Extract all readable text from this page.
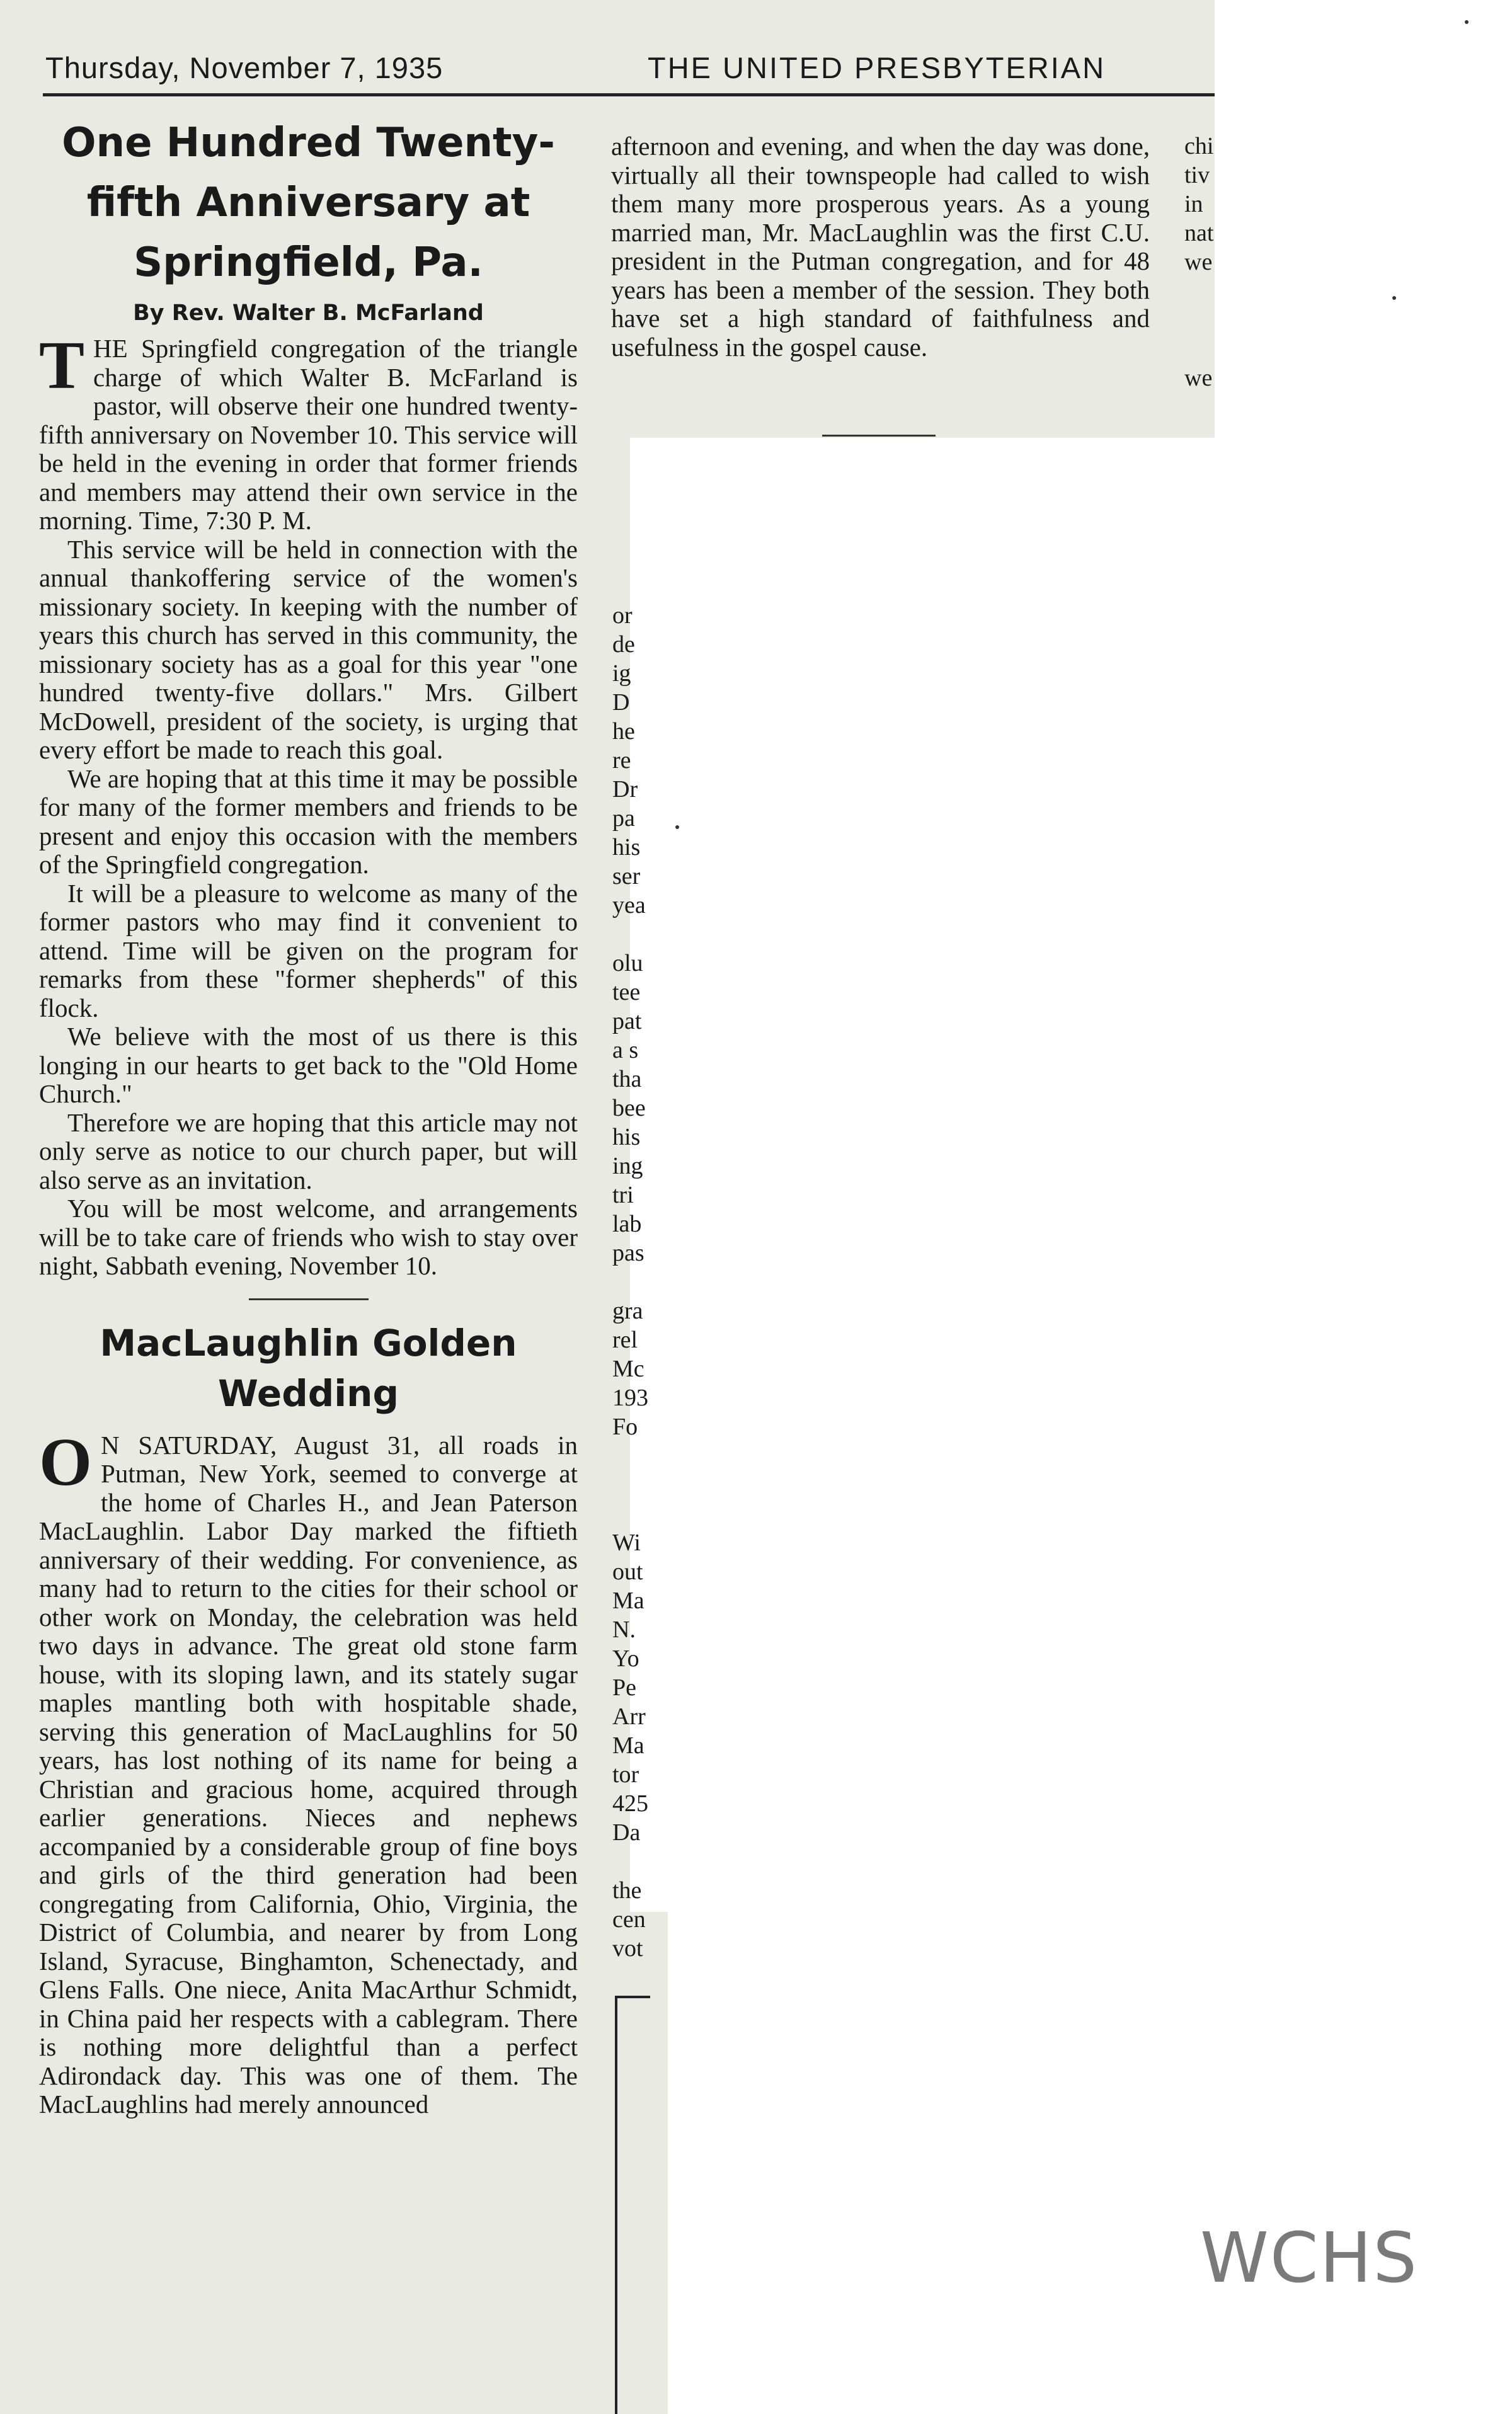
Thursday, November 7, 1935	THE UNITED PRESBYTERIAN
One Hundred Twenty-fifth Anniversary at Springfield, Pa.
By Rev. Walter B. McFarland

THE Springfield congregation of the triangle charge of which Walter B. McFarland is pastor, will observe their one hundred twenty-fifth anniversary on November 10. This service will be held in the evening in order that former friends and members may attend their own service in the morning. Time, 7:30 P. M.

This service will be held in connection with the annual thankoffering service of the women's missionary society. In keeping with the number of years this church has served in this community, the missionary society has as a goal for this year "one hundred twenty-five dollars." Mrs. Gilbert McDowell, president of the society, is urging that every effort be made to reach this goal.

We are hoping that at this time it may be possible for many of the former members and friends to be present and enjoy this occasion with the members of the Springfield congregation.

It will be a pleasure to welcome as many of the former pastors who may find it convenient to attend. Time will be given on the program for remarks from these "former shepherds" of this flock.

We believe with the most of us there is this longing in our hearts to get back to the "Old Home Church."

Therefore we are hoping that this article may not only serve as notice to our church paper, but will also serve as an invitation.

You will be most welcome, and arrangements will be to take care of friends who wish to stay over night, Sabbath evening, November 10.

MacLaughlin Golden Wedding

O N SATURDAY, August 31, all roads in Putman, New York, seemed to converge at the home of Charles H., and Jean Paterson MacLaughlin. Labor Day marked the fiftieth anniversary of their wedding. For convenience, as many had to return to the cities for their school or other work on Monday, the celebration was held two days in advance. The great old stone farm house, with its sloping lawn, and its stately sugar maples mantling both with hospitable shade, serving this generation of MacLaughlins for 50 years, has lost nothing of its name for being a Christian and gracious home, acquired through earlier generations. Nieces and nephews accompanied by a considerable group of fine boys and girls of the third generation had been congregating from California, Ohio, Virginia, the District of Columbia, and nearer by from Long Island, Syracuse, Binghamton, Schenectady, and Glens Falls. One niece, Anita MacArthur Schmidt, in China paid her respects with a cablegram. There is nothing more delightful than a perfect Adirondack day. This was one of them. The MacLaughlins had merely announced

afternoon and evening, and when the day was done, virtually all their townspeople had called to wish them many more prosperous years. As a young married man, Mr. MacLaughlin was the first C.U. president in the Putman congregation, and for 48 years has been a member of the session. They both have set a high standard of faithfulness and usefulness in the gospel cause.

or
de
ig
D
he
re
Dr
pa
his
ser
yea
olu
tee
pat
a s
tha
bee
his
ing
tri
lab
pas
gra
rel
Mc
193
Fo
Wi
out
Ma
N.
Yo
Pe
Arr
Ma
tor
425
Da
the
cen
vot
chi
tiv
in
nat
we
we
WCHS
